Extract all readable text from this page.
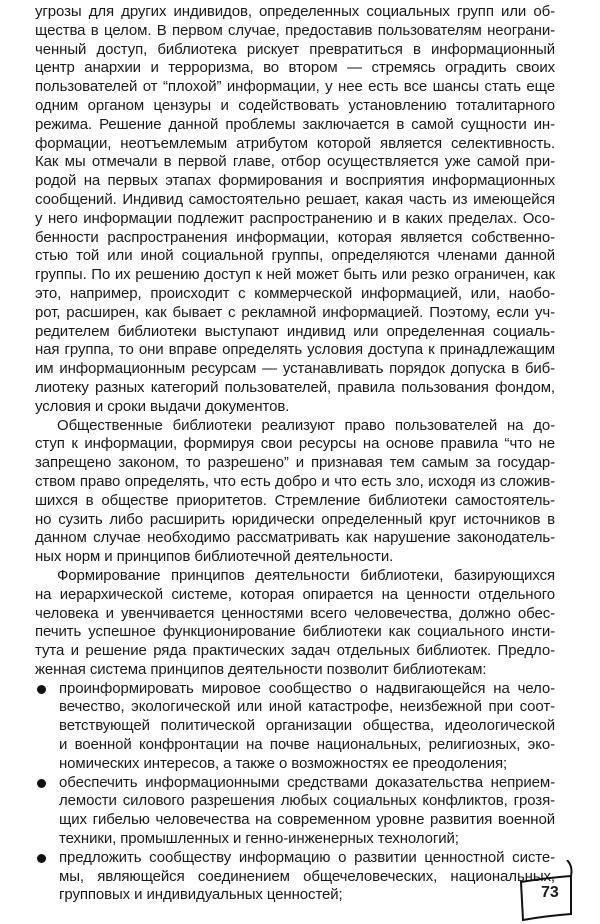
угрозы для других индивидов, определенных социальных групп или об-
щества в целом. В первом случае, предоставив пользователям неограни-
ченный доступ, библиотека рискует превратиться в информационный
центр анархии и терроризма, во втором — стремясь оградить своих
пользователей от “плохой” информации, у нее есть все шансы стать еще
одним органом цензуры и содействовать установлению тоталитарного
режима. Решение данной проблемы заключается в самой сущности ин-
формации, неотъемлемым атрибутом которой является селективность.
Как мы отмечали в первой главе, отбор осуществляется уже самой при-
родой на первых этапах формирования и восприятия информационных
сообщений. Индивид самостоятельно решает, какая часть из имеющейся
у него информации подлежит распространению и в каких пределах. Осо-
бенности распространения информации, которая является собственно-
стью той или иной социальной группы, определяются членами данной
группы. По их решению доступ к ней может быть или резко ограничен, как
это, например, происходит с коммерческой информацией, или, наобо-
рот, расширен, как бывает с рекламной информацией. Поэтому, если уч-
редителем библиотеки выступают индивид или определенная социаль-
ная группа, то они вправе определять условия доступа к принадлежащим
им информационным ресурсам — устанавливать порядок допуска в биб-
лиотеку разных категорий пользователей, правила пользования фондом,
условия и сроки выдачи документов.
Общественные библиотеки реализуют право пользователей на до-
ступ к информации, формируя свои ресурсы на основе правила “что не
запрещено законом, то разрешено” и признавая тем самым за государ-
ством право определять, что есть добро и что есть зло, исходя из сложив-
шихся в обществе приоритетов. Стремление библиотеки самостоятель-
но сузить либо расширить юридически определенный круг источников в
данном случае необходимо рассматривать как нарушение законодатель-
ных норм и принципов библиотечной деятельности.
Формирование принципов деятельности библиотеки, базирующихся
на иерархической системе, которая опирается на ценности отдельного
человека и увенчивается ценностями всего человечества, должно обес-
печить успешное функционирование библиотеки как социального инсти-
тута и решение ряда практических задач отдельных библиотек. Предло-
женная система принципов деятельности позволит библиотекам:
проинформировать мировое сообщество о надвигающейся на чело-
вечество, экологической или иной катастрофе, неизбежной при соот-
ветствующей политической организации общества, идеологической
и военной конфронтации на почве национальных, религиозных, эко-
номических интересов, а также о возможностях ее преодоления;
обеспечить информационными средствами доказательства неприем-
лемости силового разрешения любых социальных конфликтов, грозя-
щих гибелью человечества на современном уровне развития военной
техники, промышленных и генно-инженерных технологий;
предложить сообществу информацию о развитии ценностной систе-
мы, являющейся соединением общечеловеческих, национальных,
групповых и индивидуальных ценностей;	73
